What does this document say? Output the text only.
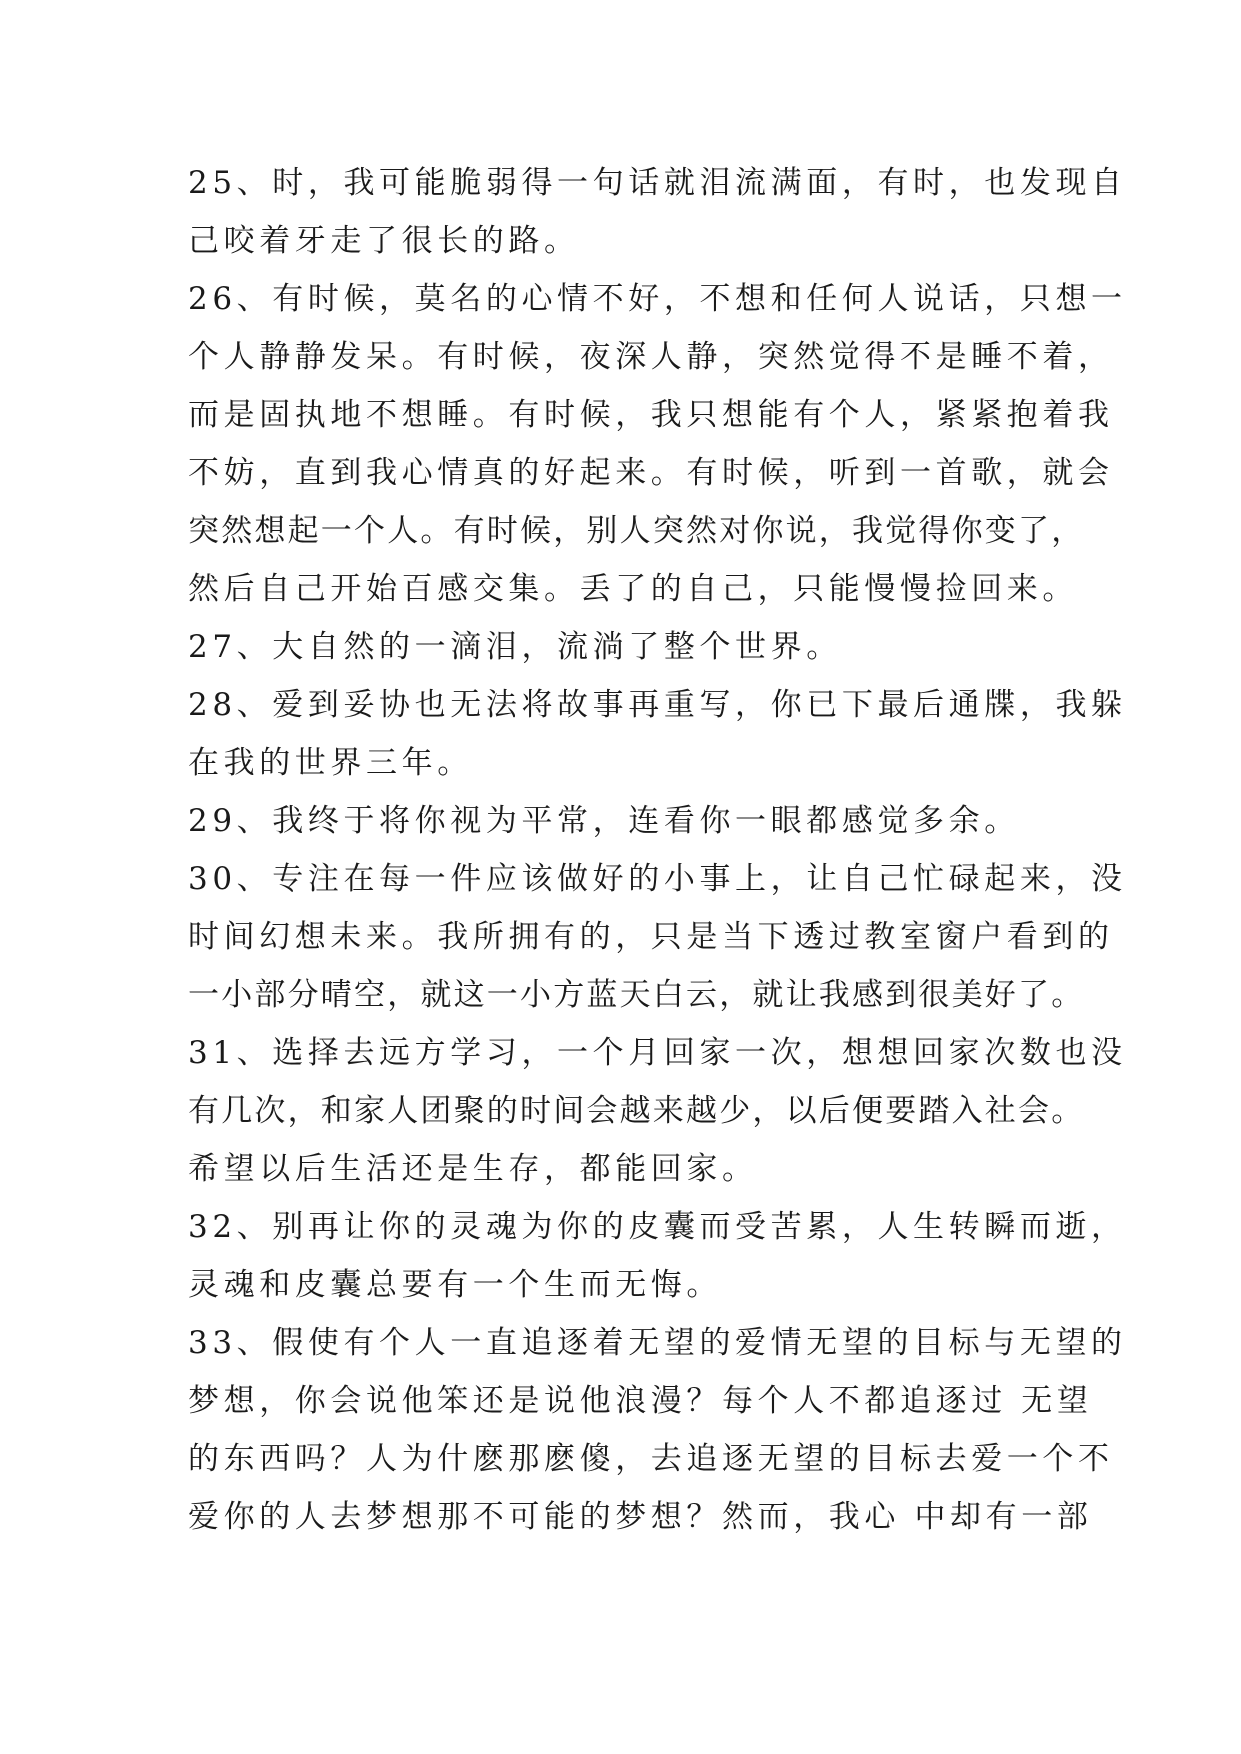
25、时，我可能脆弱得一句话就泪流满面，有时，也发现自
己咬着牙走了很长的路。
26、有时候，莫名的心情不好，不想和任何人说话，只想一
个人静静发呆。有时候，夜深人静，突然觉得不是睡不着，
而是固执地不想睡。有时候，我只想能有个人，紧紧抱着我
不妨，直到我心情真的好起来。有时候，听到一首歌，就会
突然想起一个人。有时候，别人突然对你说，我觉得你变了，
然后自己开始百感交集。丢了的自己，只能慢慢捡回来。
27、大自然的一滴泪，流淌了整个世界。
28、爱到妥协也无法将故事再重写，你已下最后通牒，我躲
在我的世界三年。
29、我终于将你视为平常，连看你一眼都感觉多余。
30、专注在每一件应该做好的小事上，让自己忙碌起来，没
时间幻想未来。我所拥有的，只是当下透过教室窗户看到的
一小部分晴空，就这一小方蓝天白云，就让我感到很美好了。
31、选择去远方学习，一个月回家一次，想想回家次数也没
有几次，和家人团聚的时间会越来越少，以后便要踏入社会。
希望以后生活还是生存，都能回家。
32、别再让你的灵魂为你的皮囊而受苦累，人生转瞬而逝，
灵魂和皮囊总要有一个生而无悔。
33、假使有个人一直追逐着无望的爱情无望的目标与无望的
梦想，你会说他笨还是说他浪漫？每个人不都追逐过 无望
的东西吗？人为什麽那麽傻，去追逐无望的目标去爱一个不
爱你的人去梦想那不可能的梦想？然而，我心 中却有一部
